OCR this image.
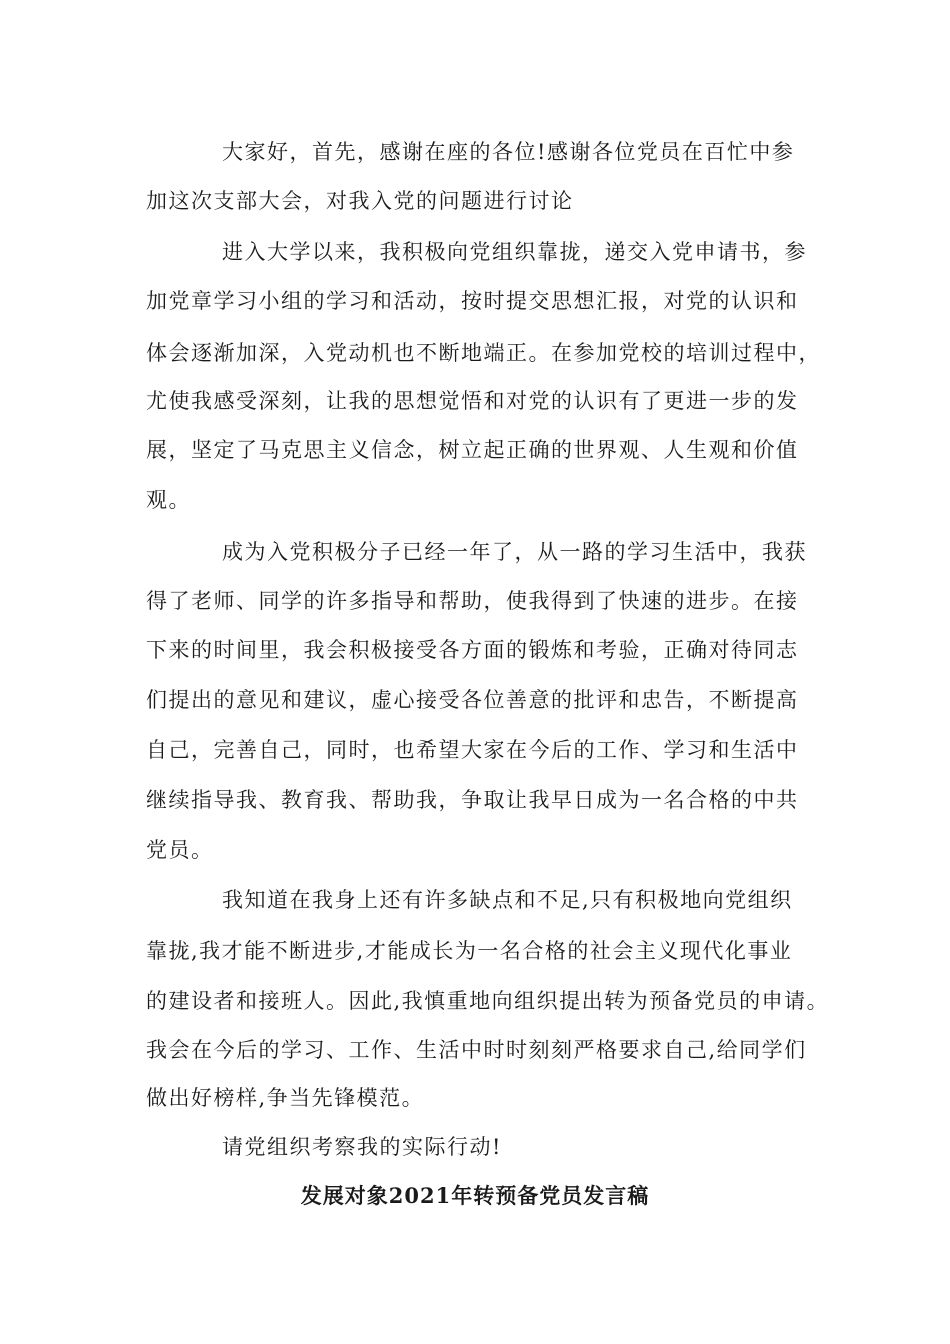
大家好，首先，感谢在座的各位!感谢各位党员在百忙中参
加这次支部大会，对我入党的问题进行讨论
进入大学以来，我积极向党组织靠拢，递交入党申请书，参
加党章学习小组的学习和活动，按时提交思想汇报，对党的认识和
体会逐渐加深，入党动机也不断地端正。在参加党校的培训过程中，
尤使我感受深刻，让我的思想觉悟和对党的认识有了更进一步的发
展，坚定了马克思主义信念，树立起正确的世界观、人生观和价值
观。
成为入党积极分子已经一年了，从一路的学习生活中，我获
得了老师、同学的许多指导和帮助，使我得到了快速的进步。在接
下来的时间里，我会积极接受各方面的锻炼和考验，正确对待同志
们提出的意见和建议，虚心接受各位善意的批评和忠告，不断提高
自己，完善自己，同时，也希望大家在今后的工作、学习和生活中
继续指导我、教育我、帮助我，争取让我早日成为一名合格的中共
党员。
我知道在我身上还有许多缺点和不足,只有积极地向党组织
靠拢,我才能不断进步,才能成长为一名合格的社会主义现代化事业
的建设者和接班人。因此,我慎重地向组织提出转为预备党员的申请。
我会在今后的学习、工作、生活中时时刻刻严格要求自己,给同学们
做出好榜样,争当先锋模范。
请党组织考察我的实际行动!
发展对象2021年转预备党员发言稿
